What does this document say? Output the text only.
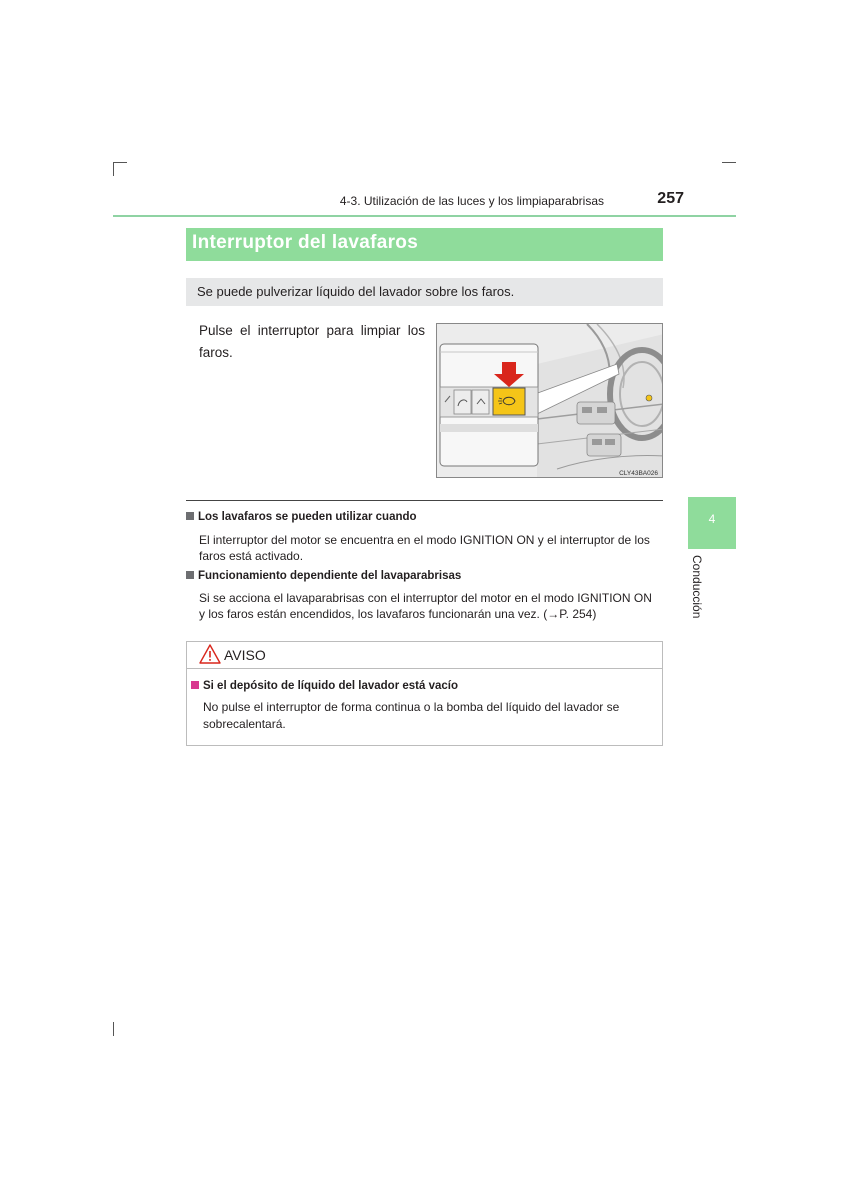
4-3. Utilización de las luces y los limpiaparabrisas	257
Interruptor del lavafaros
Se puede pulverizar líquido del lavador sobre los faros.
Pulse el interruptor para limpiar los faros.
CLY43BA026
Los lavafaros se pueden utilizar cuando
El interruptor del motor se encuentra en el modo IGNITION ON y el interruptor de los faros está activado.
Funcionamiento dependiente del lavaparabrisas
Si se acciona el lavaparabrisas con el interruptor del motor en el modo IGNITION ON y los faros están encendidos, los lavafaros funcionarán una vez. (→P. 254)
AVISO
Si el depósito de líquido del lavador está vacío
No pulse el interruptor de forma continua o la bomba del líquido del lavador se sobrecalentará.
4
Conducción
